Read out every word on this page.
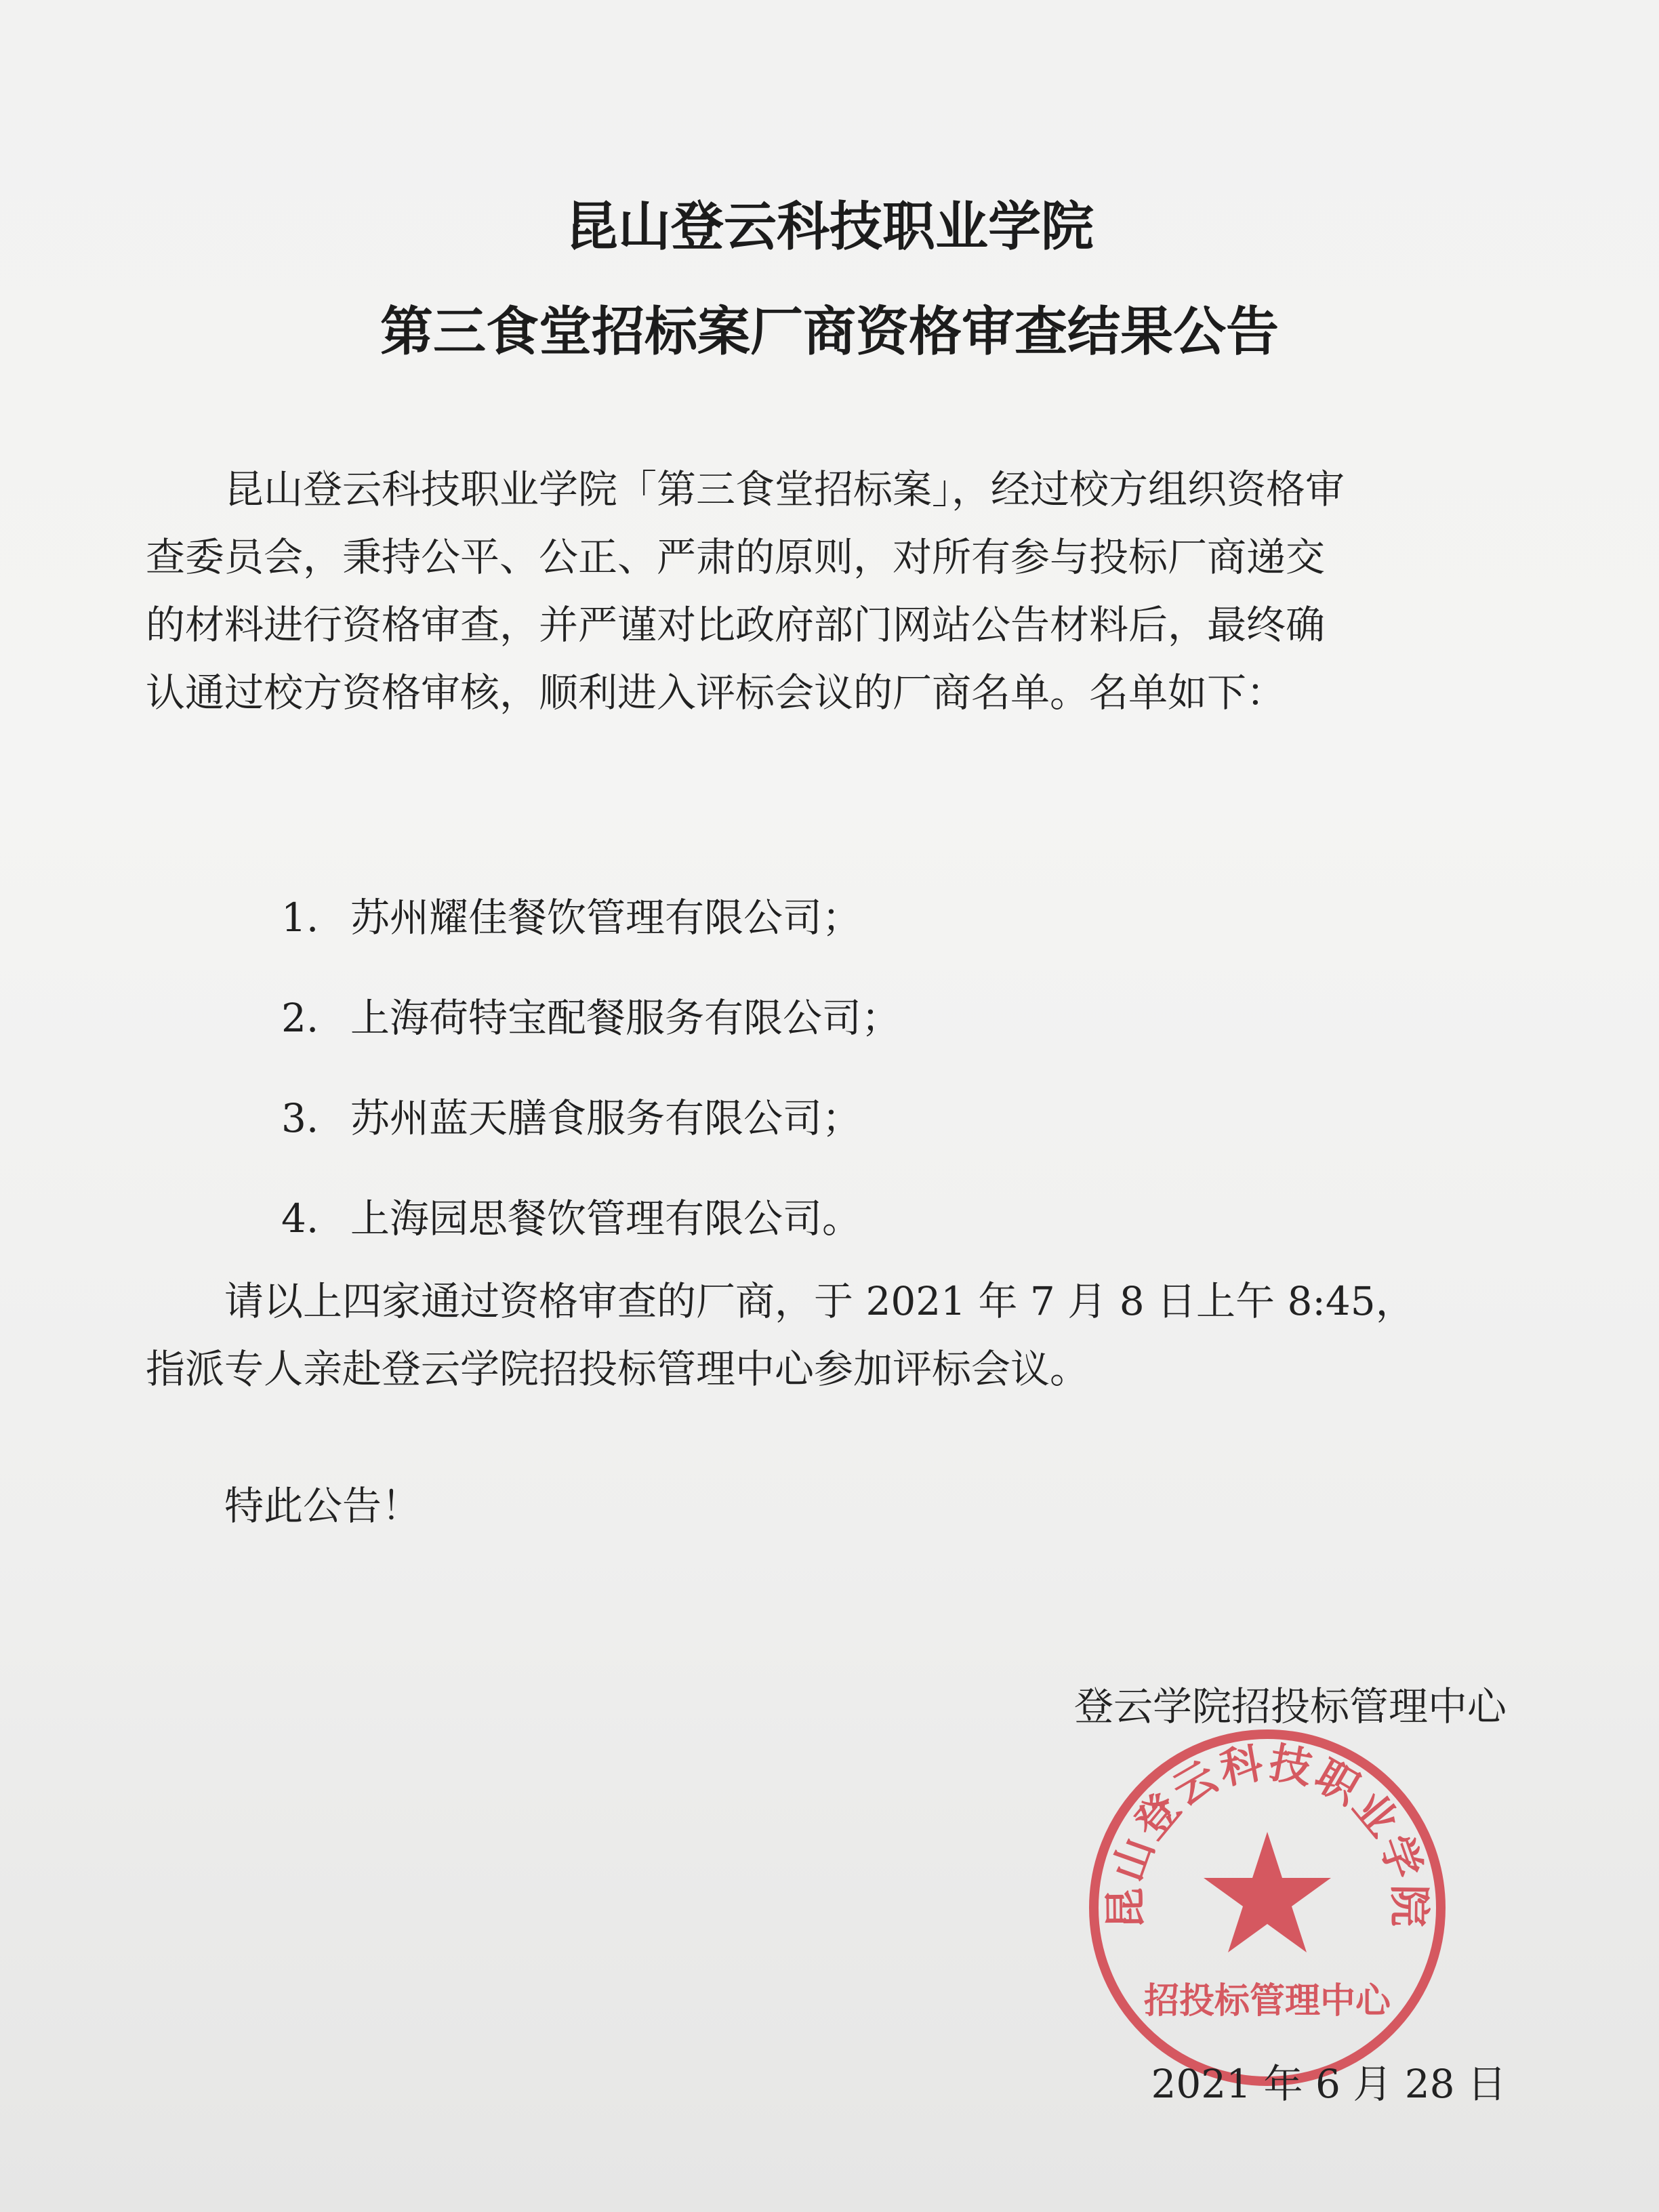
昆山登云科技职业学院
第三食堂招标案厂商资格审查结果公告
昆山登云科技职业学院「第三食堂招标案」，经过校方组织资格审
查委员会，秉持公平、公正、严肃的原则，对所有参与投标厂商递交
的材料进行资格审查，并严谨对比政府部门网站公告材料后，最终确
认通过校方资格审核，顺利进入评标会议的厂商名单。名单如下：
1. 苏州耀佳餐饮管理有限公司；
2. 上海荷特宝配餐服务有限公司；
3. 苏州蓝天膳食服务有限公司；
4. 上海园思餐饮管理有限公司。
请以上四家通过资格审查的厂商，于 2021 年 7 月 8 日上午 8:45，
指派专人亲赴登云学院招投标管理中心参加评标会议。
特此公告！
登云学院招投标管理中心
昆山登云科技职业学院
招投标管理中心
2021 年 6 月 28 日
